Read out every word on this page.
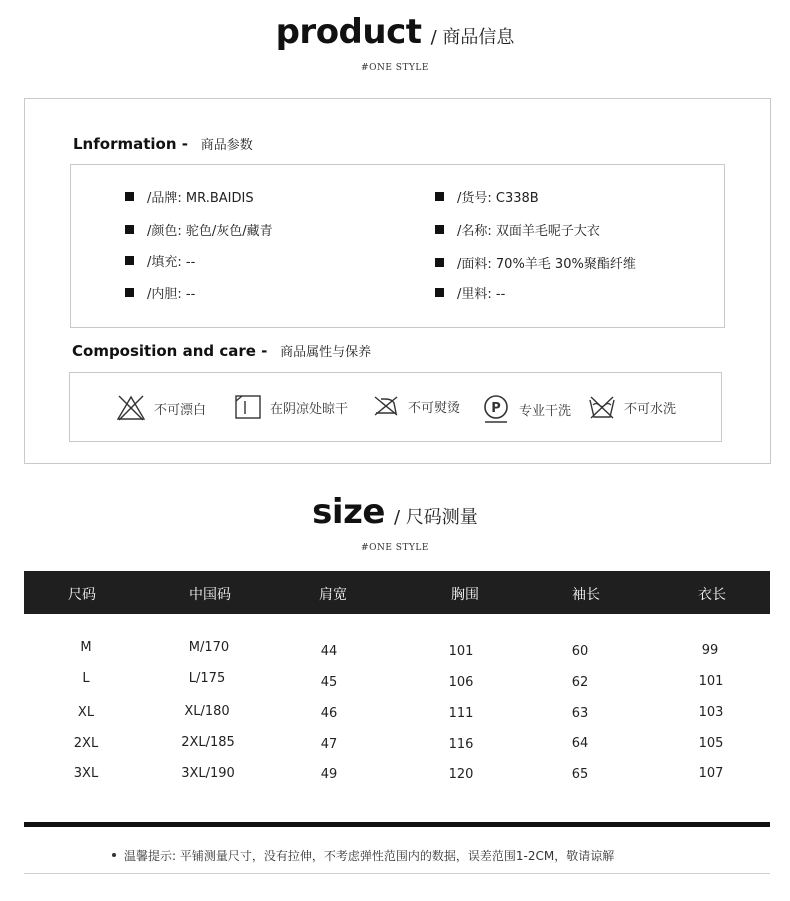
product / 商品信息
#ONE STYLE
Lnformation - 商品参数
/品牌: MR.BAIDIS
/颜色: 驼色/灰色/藏青
/填充: --
/内胆: --
/货号: C338B
/名称: 双面羊毛呢子大衣
/面料: 70%羊毛 30%聚酯纤维
/里料: --
Composition and care - 商品属性与保养
不可漂白	在阴凉处晾干	不可熨烫 P 专业干洗	不可水洗
size / 尺码测量
#ONE STYLE
尺码	中国码	肩宽	胸围	袖长	衣长
M	M/170	44	101	60	99
L	L/175	45	106	62	101
XL	XL/180	46	111	63	103
2XL	2XL/185	47	116	64	105
3XL	3XL/190	49	120	65	107
温馨提示: 平铺测量尺寸，没有拉伸，不考虑弹性范围内的数据，误差范围1-2CM，敬请谅解
